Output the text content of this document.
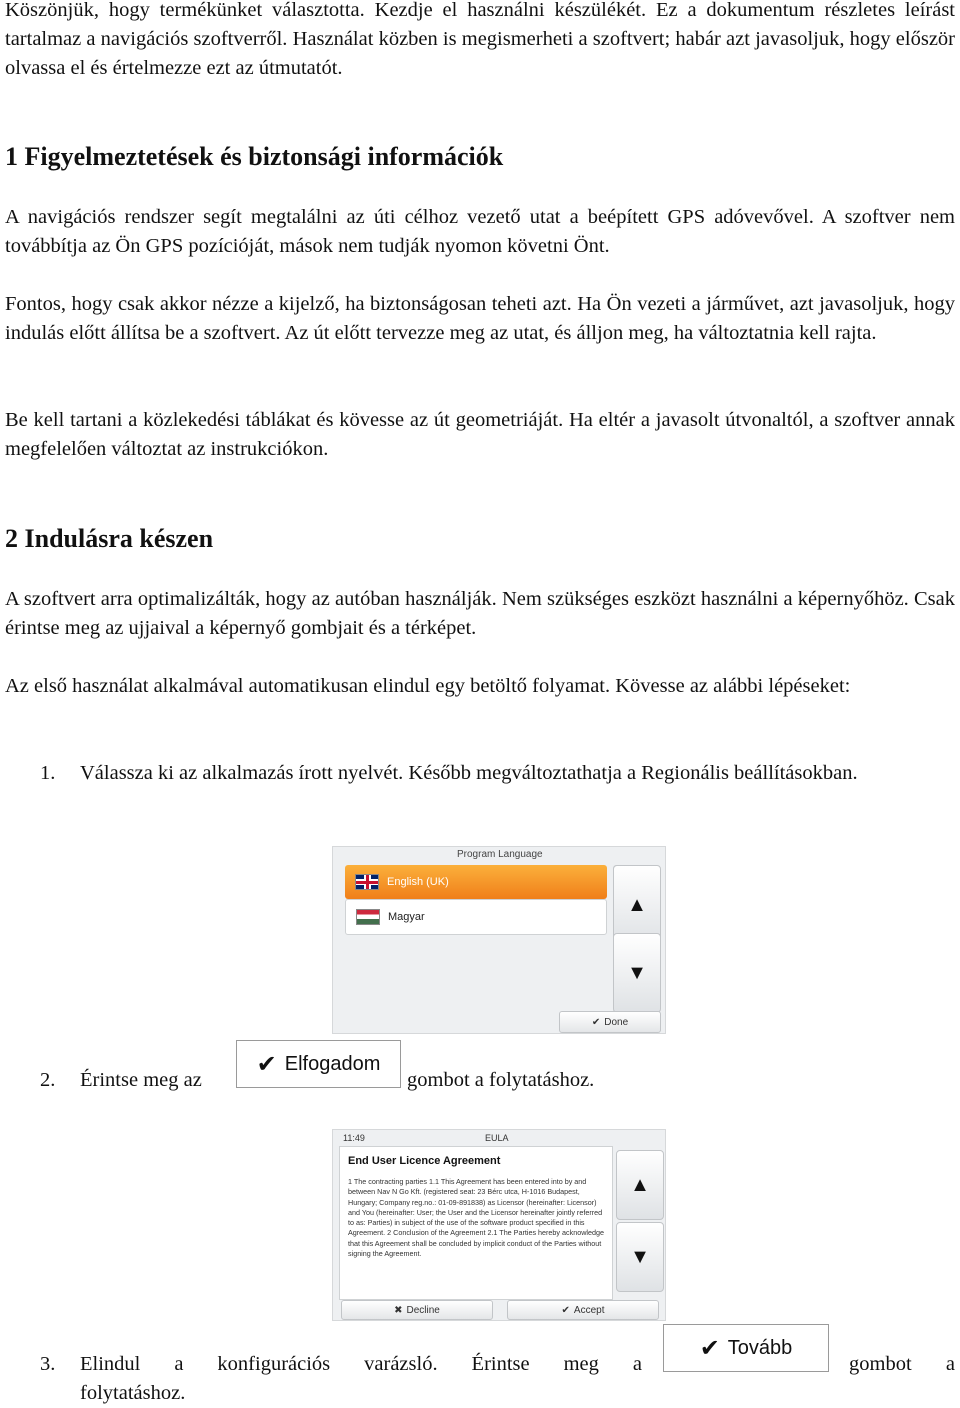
Köszönjük, hogy termékünket választotta. Kezdje el használni készülékét. Ez a dokumentum részletes leírást tartalmaz a navigációs szoftverről. Használat közben is megismerheti a szoftvert; habár azt javasoljuk, hogy először olvassa el és értelmezze ezt az útmutatót.

1 Figyelmeztetések és biztonsági információk

A navigációs rendszer segít megtalálni az úti célhoz vezető utat a beépített GPS adóvevővel. A szoftver nem továbbítja az Ön GPS pozícióját, mások nem tudják nyomon követni Önt.

Fontos, hogy csak akkor nézze a kijelző, ha biztonságosan teheti azt. Ha Ön vezeti a járművet, azt javasoljuk, hogy indulás előtt állítsa be a szoftvert. Az út előtt tervezze meg az utat, és álljon meg, ha változtatnia kell rajta.

Be kell tartani a közlekedési táblákat és kövesse az út geometriáját. Ha eltér a javasolt útvonaltól, a szoftver annak megfelelően változtat az instrukciókon.

2 Indulásra készen

A szoftvert arra optimalizálták, hogy az autóban használják. Nem szükséges eszközt használni a képernyőhöz. Csak érintse meg az ujjaival a képernyő gombjait és a térképet.

Az első használat alkalmával automatikusan elindul egy betöltő folyamat. Kövesse az alábbi lépéseket:

1. Válassza ki az alkalmazás írott nyelvét. Később megváltoztathatja a Regionális beállításokban.
Program Language
English (UK)
Magyar
▲
▼
✔ Done
2. Érintse meg az	gombot a folytatáshoz.
✔ Elfogadom
11:49	EULA
End User Licence Agreement
1 The contracting parties 1.1 This Agreement has been entered into by and between Nav N Go Kft. (registered seat: 23 Bérc utca, H-1016 Budapest, Hungary; Company reg.no.: 01-09-891838) as Licensor (hereinafter: Licensor) and You (hereinafter: User; the User and the Licensor hereinafter jointly referred to as: Parties) in subject of the use of the software product specified in this Agreement. 2 Conclusion of the Agreement 2.1 The Parties hereby acknowledge that this Agreement shall be concluded by implicit conduct of the Parties without signing the Agreement.
▲
▼
✖ Decline	✔ Accept
3. Elindul a konfigurációs varázsló. Érintse meg a	gombot a
folytatáshoz.
✔ Tovább
